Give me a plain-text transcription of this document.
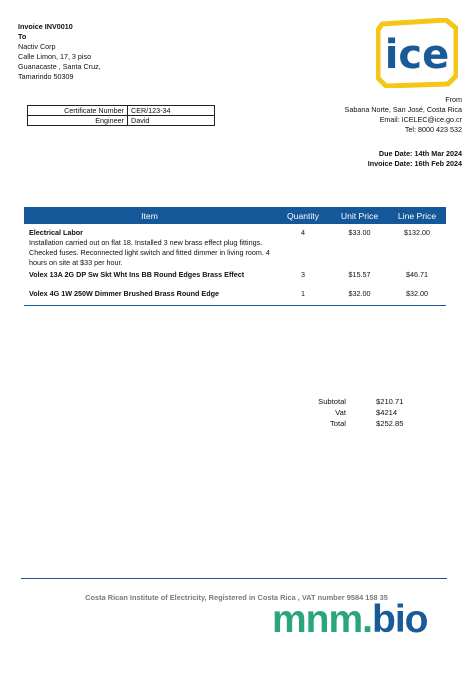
Invoice INV0010
To
Nactiv Corp
Calle Limon, 17, 3 piso
Guanacaste , Santa Cruz,
Tamarindo 50309	ice
Certificate Number	CER/123-34
Engineer	David
From
Sabana Norte, San José, Costa Rica
Email: ICELEC@ice.go.cr
Tel: 8000 423 532
Due Date: 14th Mar 2024
Invoice Date: 16th Feb 2024
Item	Quantity	Unit Price	Line Price
Electrical Labor
Installation carried out on flat 18. Installed 3 new brass effect plug fittings. Checked fuses. Reconnected light switch and fitted dimmer in living room. 4 hours on site at $33 per hour.
4	$33.00	$132.00
Volex 13A 2G DP Sw Skt Wht Ins BB Round Edges Brass Effect	3	$15.57	$46.71
Volex 4G 1W 250W Dimmer Brushed Brass Round Edge	1	$32.00	$32.00
Subtotal	$210.71
Vat	$4214
Total	$252.85
Costa Rican Institute of Electricity, Registered in Costa Rica , VAT number 9584 158 35
mnm.bio
